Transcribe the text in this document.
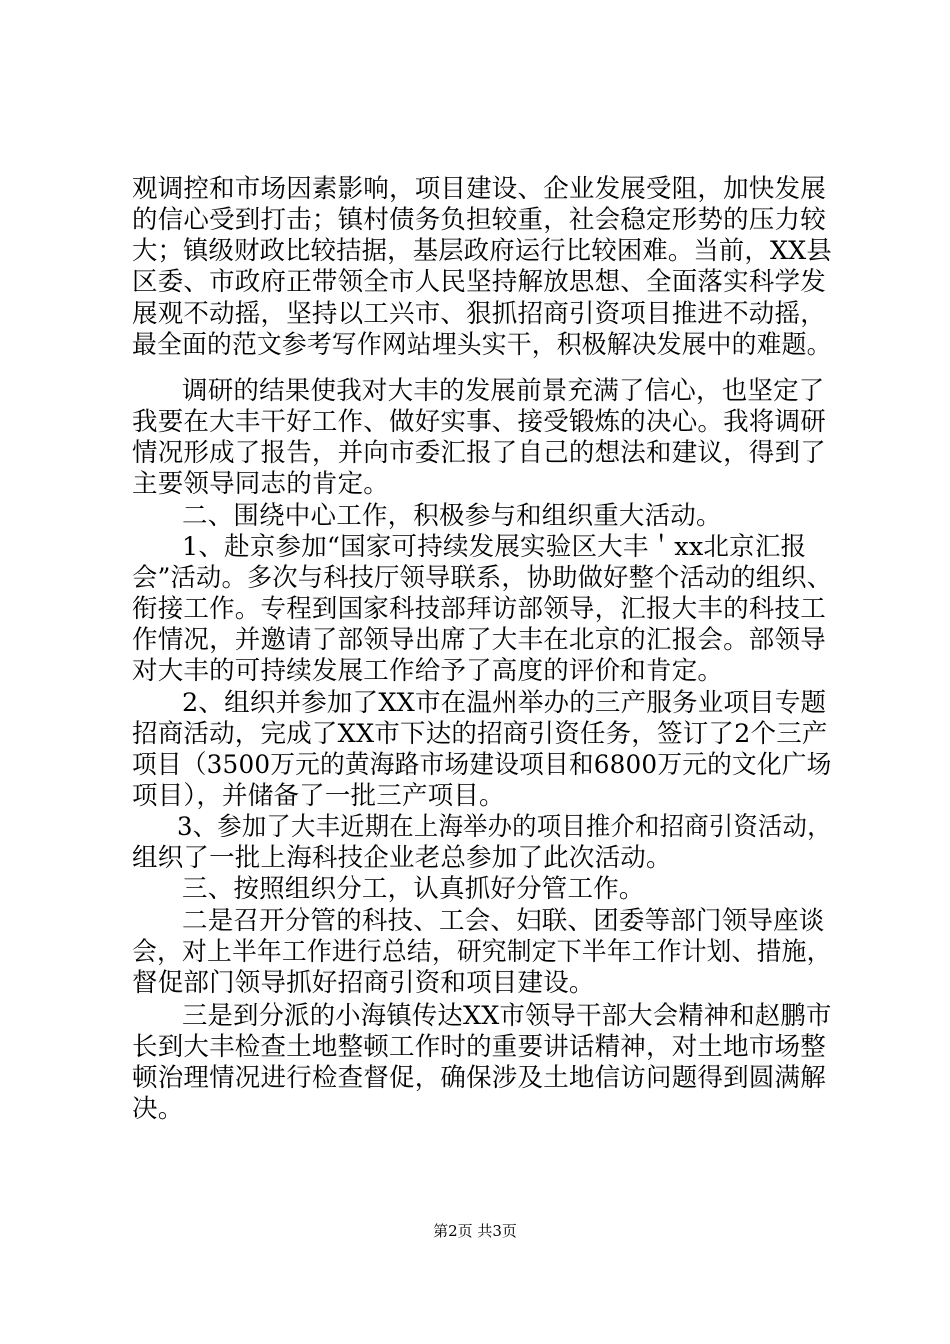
观调控和市场因素影响，项目建设、企业发展受阻，加快发展
的信心受到打击；镇村债务负担较重，社会稳定形势的压力较
大；镇级财政比较拮据，基层政府运行比较困难。当前，XX县
区委、市政府正带领全市人民坚持解放思想、全面落实科学发
展观不动摇，坚持以工兴市、狠抓招商引资项目推进不动摇，
最全面的范文参考写作网站埋头实干，积极解决发展中的难题。
调研的结果使我对大丰的发展前景充满了信心，也坚定了
我要在大丰干好工作、做好实事、接受锻炼的决心。我将调研
情况形成了报告，并向市委汇报了自己的想法和建议，得到了
主要领导同志的肯定。
二、围绕中心工作，积极参与和组织重大活动。
1、赴京参加“国家可持续发展实验区大丰＇xx北京汇报
会”活动。多次与科技厅领导联系，协助做好整个活动的组织、
衔接工作。专程到国家科技部拜访部领导，汇报大丰的科技工
作情况，并邀请了部领导出席了大丰在北京的汇报会。部领导
对大丰的可持续发展工作给予了高度的评价和肯定。
2、组织并参加了XX市在温州举办的三产服务业项目专题
招商活动，完成了XX市下达的招商引资任务，签订了2个三产
项目（3500万元的黄海路市场建设项目和6800万元的文化广场
项目），并储备了一批三产项目。
3、参加了大丰近期在上海举办的项目推介和招商引资活动，
组织了一批上海科技企业老总参加了此次活动。
三、按照组织分工，认真抓好分管工作。
二是召开分管的科技、工会、妇联、团委等部门领导座谈
会，对上半年工作进行总结，研究制定下半年工作计划、措施，
督促部门领导抓好招商引资和项目建设。
三是到分派的小海镇传达XX市领导干部大会精神和赵鹏市
长到大丰检查土地整顿工作时的重要讲话精神，对土地市场整
顿治理情况进行检查督促，确保涉及土地信访问题得到圆满解
决。
第2页 共3页
